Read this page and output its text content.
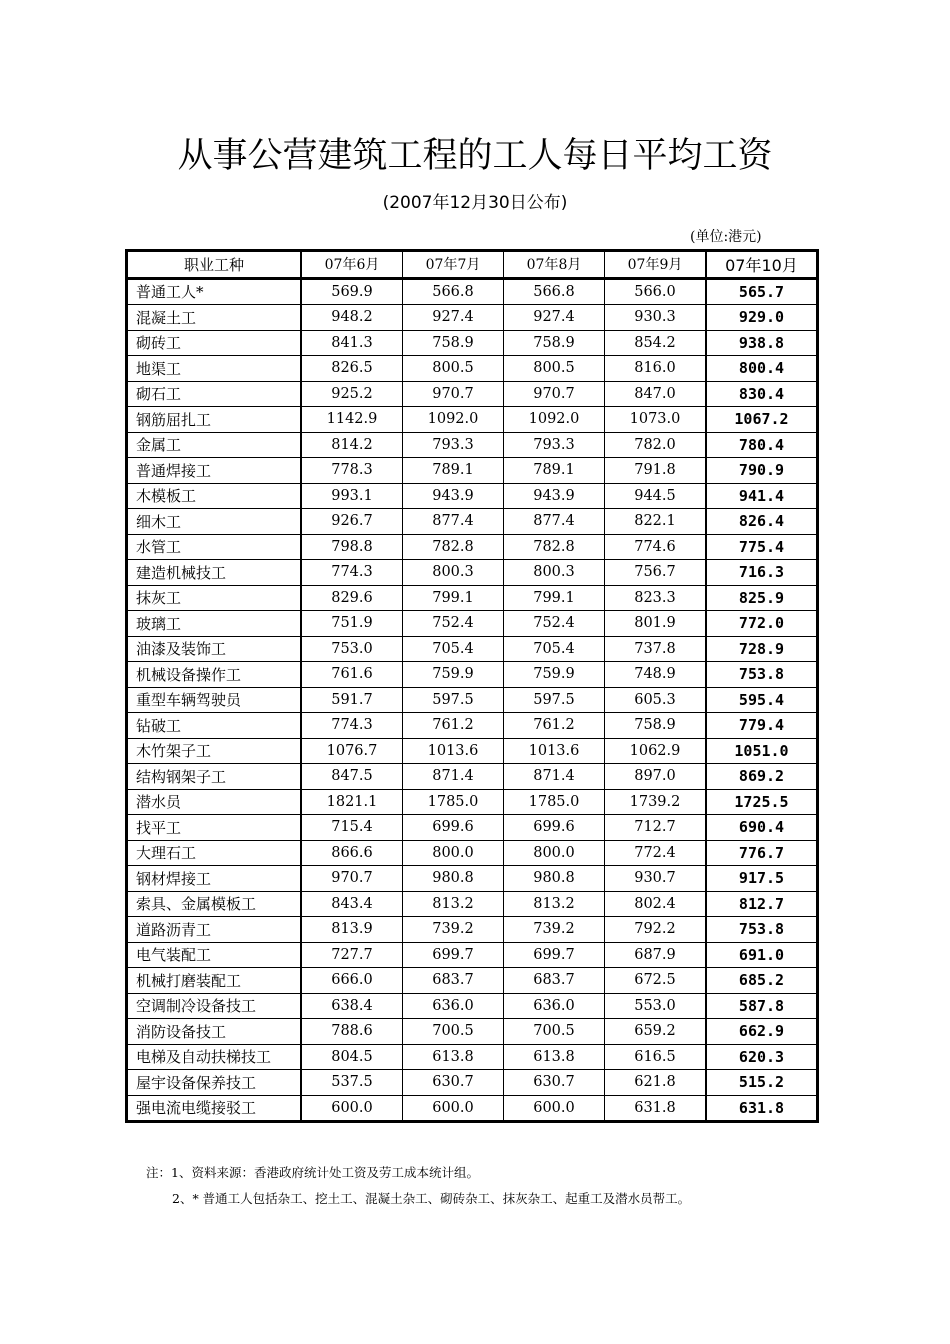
从事公营建筑工程的工人每日平均工资
(2007年12月30日公布)
(单位:港元)
职业工种	07年6月	07年7月	07年8月	07年9月	07年10月
普通工人*	569.9	566.8	566.8	566.0	565.7
混凝土工	948.2	927.4	927.4	930.3	929.0
砌砖工	841.3	758.9	758.9	854.2	938.8
地渠工	826.5	800.5	800.5	816.0	800.4
砌石工	925.2	970.7	970.7	847.0	830.4
钢筋屈扎工	1142.9	1092.0	1092.0	1073.0	1067.2
金属工	814.2	793.3	793.3	782.0	780.4
普通焊接工	778.3	789.1	789.1	791.8	790.9
木模板工	993.1	943.9	943.9	944.5	941.4
细木工	926.7	877.4	877.4	822.1	826.4
水管工	798.8	782.8	782.8	774.6	775.4
建造机械技工	774.3	800.3	800.3	756.7	716.3
抹灰工	829.6	799.1	799.1	823.3	825.9
玻璃工	751.9	752.4	752.4	801.9	772.0
油漆及装饰工	753.0	705.4	705.4	737.8	728.9
机械设备操作工	761.6	759.9	759.9	748.9	753.8
重型车辆驾驶员	591.7	597.5	597.5	605.3	595.4
钻破工	774.3	761.2	761.2	758.9	779.4
木竹架子工	1076.7	1013.6	1013.6	1062.9	1051.0
结构钢架子工	847.5	871.4	871.4	897.0	869.2
潜水员	1821.1	1785.0	1785.0	1739.2	1725.5
找平工	715.4	699.6	699.6	712.7	690.4
大理石工	866.6	800.0	800.0	772.4	776.7
钢材焊接工	970.7	980.8	980.8	930.7	917.5
索具、金属模板工	843.4	813.2	813.2	802.4	812.7
道路沥青工	813.9	739.2	739.2	792.2	753.8
电气装配工	727.7	699.7	699.7	687.9	691.0
机械打磨装配工	666.0	683.7	683.7	672.5	685.2
空调制冷设备技工	638.4	636.0	636.0	553.0	587.8
消防设备技工	788.6	700.5	700.5	659.2	662.9
电梯及自动扶梯技工	804.5	613.8	613.8	616.5	620.3
屋宇设备保养技工	537.5	630.7	630.7	621.8	515.2
强电流电缆接驳工	600.0	600.0	600.0	631.8	631.8
注：1、资料来源：香港政府统计处工资及劳工成本统计组。
2、* 普通工人包括杂工、挖土工、混凝土杂工、砌砖杂工、抹灰杂工、起重工及潜水员帮工。
